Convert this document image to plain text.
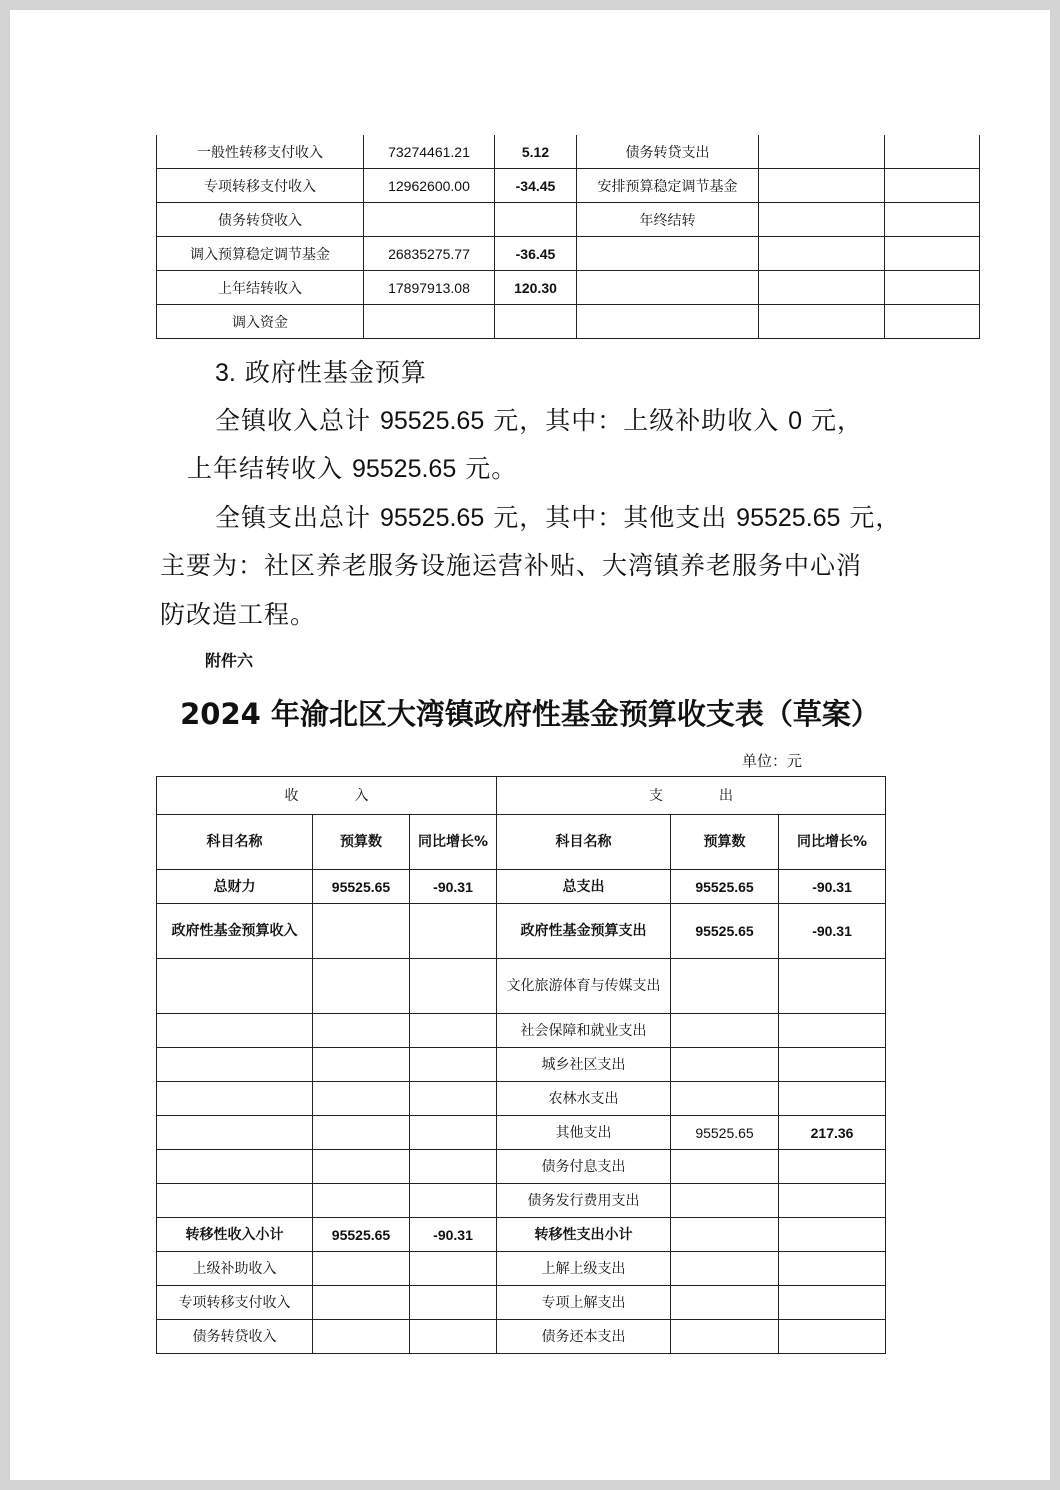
一般性转移支付收入	73274461.21	5.12	债务转贷支出		
专项转移支付收入	12962600.00	-34.45	安排预算稳定调节基金		
债务转贷收入			年终结转		
调入预算稳定调节基金	26835275.77	-36.45			
上年结转收入	17897913.08	120.30			
调入资金					

3. 政府性基金预算

全镇收入总计 95525.65 元，其中：上级补助收入 0 元，

上年结转收入 95525.65 元。

全镇支出总计 95525.65 元，其中：其他支出 95525.65 元，

主要为：社区养老服务设施运营补贴、大湾镇养老服务中心消

防改造工程。

附件六

2024 年渝北区大湾镇政府性基金预算收支表（草案）

单位：元

收　　　　入			支　　　　出		
科目名称	预算数	同比增长%	科目名称	预算数	同比增长%
总财力	95525.65	-90.31	总支出	95525.65	-90.31
政府性基金预算收入			政府性基金预算支出	95525.65	-90.31
			文化旅游体育与传媒支出		
			社会保障和就业支出		
			城乡社区支出		
			农林水支出		
			其他支出	95525.65	217.36
			债务付息支出		
			债务发行费用支出		
转移性收入小计	95525.65	-90.31	转移性支出小计		
上级补助收入			上解上级支出		
专项转移支付收入			专项上解支出		
债务转贷收入			债务还本支出		
